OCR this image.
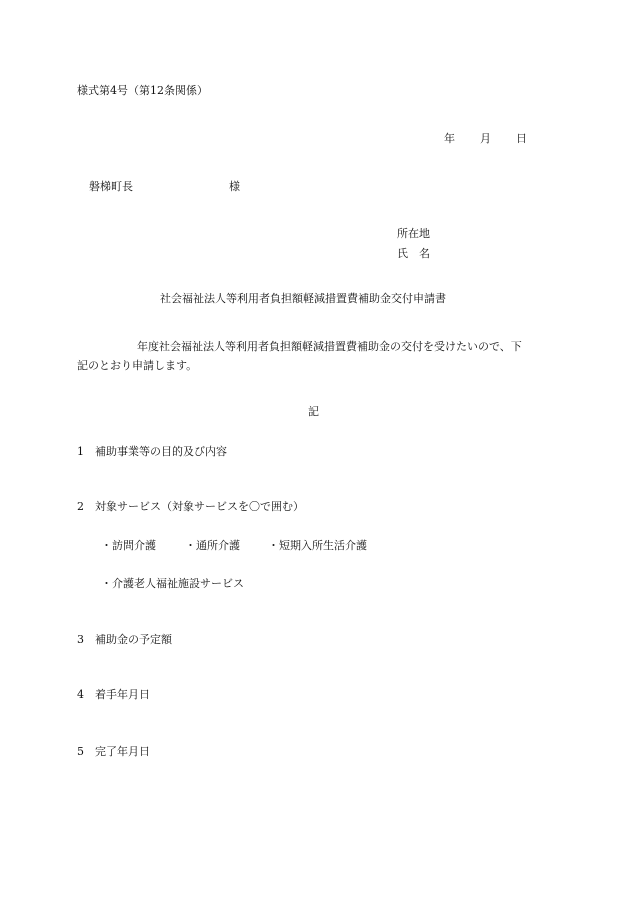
様式第4号（第12条関係）
年 月 日
磐梯町長	様
所在地
氏　名
社会福祉法人等利用者負担額軽減措置費補助金交付申請書
年度社会福祉法人等利用者負担額軽減措置費補助金の交付を受けたいので、下
記のとおり申請します。
記
1 補助事業等の目的及び内容
2 対象サービス（対象サービスを〇で囲む）
・訪問介護	・通所介護	・短期入所生活介護
・介護老人福祉施設サービス
3 補助金の予定額
4 着手年月日
5 完了年月日
